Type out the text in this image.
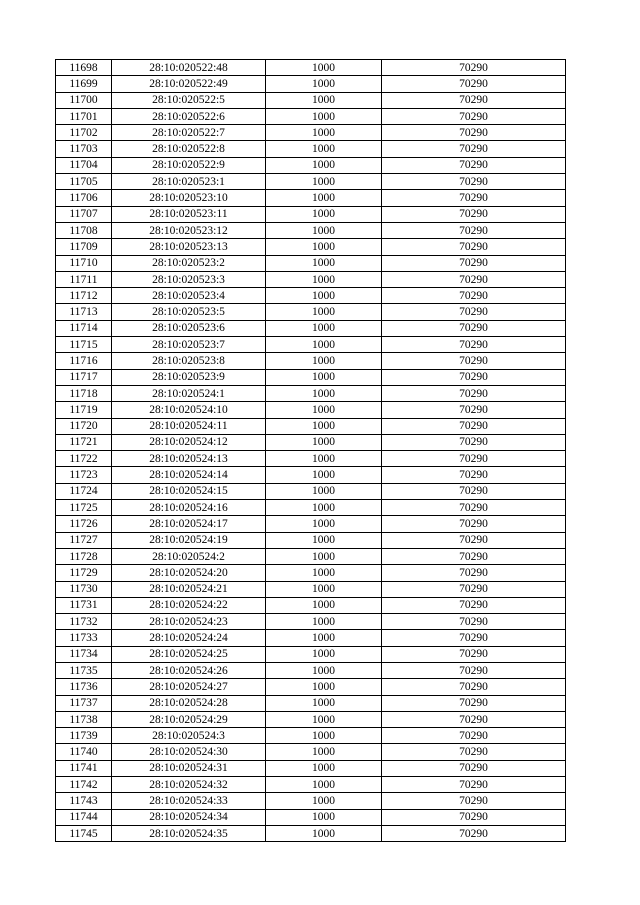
11698	28:10:020522:48	1000	70290
11699	28:10:020522:49	1000	70290
11700	28:10:020522:5	1000	70290
11701	28:10:020522:6	1000	70290
11702	28:10:020522:7	1000	70290
11703	28:10:020522:8	1000	70290
11704	28:10:020522:9	1000	70290
11705	28:10:020523:1	1000	70290
11706	28:10:020523:10	1000	70290
11707	28:10:020523:11	1000	70290
11708	28:10:020523:12	1000	70290
11709	28:10:020523:13	1000	70290
11710	28:10:020523:2	1000	70290
11711	28:10:020523:3	1000	70290
11712	28:10:020523:4	1000	70290
11713	28:10:020523:5	1000	70290
11714	28:10:020523:6	1000	70290
11715	28:10:020523:7	1000	70290
11716	28:10:020523:8	1000	70290
11717	28:10:020523:9	1000	70290
11718	28:10:020524:1	1000	70290
11719	28:10:020524:10	1000	70290
11720	28:10:020524:11	1000	70290
11721	28:10:020524:12	1000	70290
11722	28:10:020524:13	1000	70290
11723	28:10:020524:14	1000	70290
11724	28:10:020524:15	1000	70290
11725	28:10:020524:16	1000	70290
11726	28:10:020524:17	1000	70290
11727	28:10:020524:19	1000	70290
11728	28:10:020524:2	1000	70290
11729	28:10:020524:20	1000	70290
11730	28:10:020524:21	1000	70290
11731	28:10:020524:22	1000	70290
11732	28:10:020524:23	1000	70290
11733	28:10:020524:24	1000	70290
11734	28:10:020524:25	1000	70290
11735	28:10:020524:26	1000	70290
11736	28:10:020524:27	1000	70290
11737	28:10:020524:28	1000	70290
11738	28:10:020524:29	1000	70290
11739	28:10:020524:3	1000	70290
11740	28:10:020524:30	1000	70290
11741	28:10:020524:31	1000	70290
11742	28:10:020524:32	1000	70290
11743	28:10:020524:33	1000	70290
11744	28:10:020524:34	1000	70290
11745	28:10:020524:35	1000	70290
